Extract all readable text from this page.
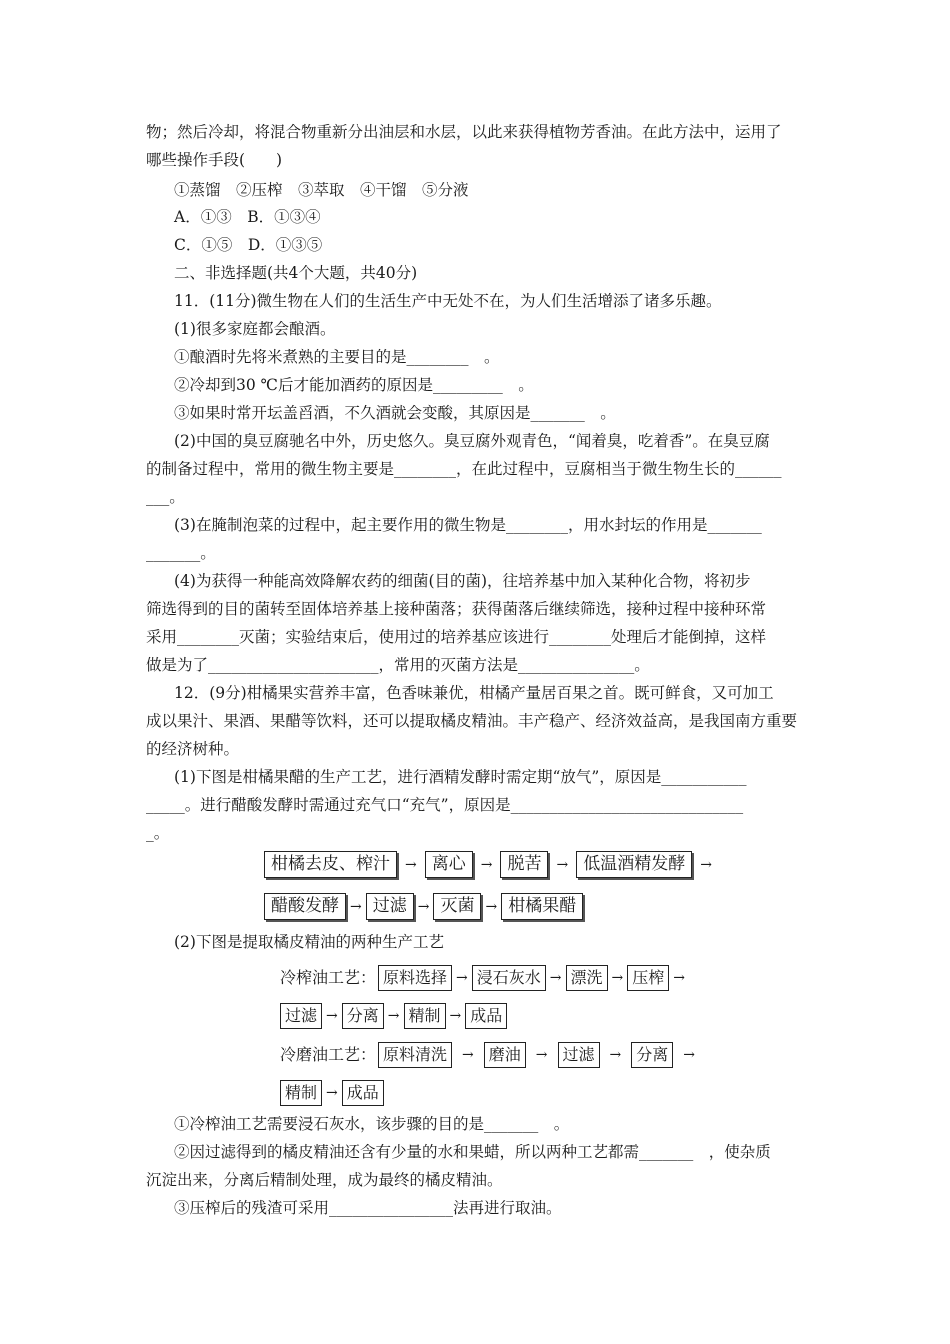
物；然后冷却，将混合物重新分出油层和水层，以此来获得植物芳香油。在此方法中，运用了
哪些操作手段(　　)
①蒸馏　②压榨　③萃取　④干馏　⑤分液
A．①③　B．①③④
C．①⑤　D．①③⑤
二、非选择题(共4个大题，共40分)
11．(11分)微生物在人们的生活生产中无处不在，为人们生活增添了诸多乐趣。
(1)很多家庭都会酿酒。
①酿酒时先将米煮熟的主要目的是________　。
②冷却到30 ℃后才能加酒药的原因是_________　。
③如果时常开坛盖舀酒，不久酒就会变酸，其原因是_______　。
(2)中国的臭豆腐驰名中外，历史悠久。臭豆腐外观青色，“闻着臭，吃着香”。在臭豆腐
的制备过程中，常用的微生物主要是________，在此过程中，豆腐相当于微生物生长的______
___。
(3)在腌制泡菜的过程中，起主要作用的微生物是________，用水封坛的作用是_______
_______。
(4)为获得一种能高效降解农药的细菌(目的菌)，往培养基中加入某种化合物，将初步
筛选得到的目的菌转至固体培养基上接种菌落；获得菌落后继续筛选，接种过程中接种环常
采用________灭菌；实验结束后，使用过的培养基应该进行________处理后才能倒掉，这样
做是为了______________________，常用的灭菌方法是_______________。
12．(9分)柑橘果实营养丰富，色香味兼优，柑橘产量居百果之首。既可鲜食，又可加工
成以果汁、果酒、果醋等饮料，还可以提取橘皮精油。丰产稳产、经济效益高，是我国南方重要
的经济树种。
(1)下图是柑橘果醋的生产工艺，进行酒精发酵时需定期“放气”，原因是___________
_____。进行醋酸发酵时需通过充气口“充气”，原因是______________________________
_。
柑橘去皮、榨汁	→ 离心	→ 脱苦	→ 低温酒精发酵	→
醋酸发酵 → 过滤 → 灭菌 → 柑橘果醋
(2)下图是提取橘皮精油的两种生产工艺
冷榨油工艺： 原料选择 → 浸石灰水 → 漂洗 → 压榨 →
过滤 → 分离 → 精制 → 成品
冷磨油工艺： 原料清洗	→ 磨油	→ 过滤	→ 分离	→
精制 → 成品
①冷榨油工艺需要浸石灰水，该步骤的目的是_______　。
②因过滤得到的橘皮精油还含有少量的水和果蜡，所以两种工艺都需_______　，使杂质
沉淀出来，分离后精制处理，成为最终的橘皮精油。
③压榨后的残渣可采用________________法再进行取油。
